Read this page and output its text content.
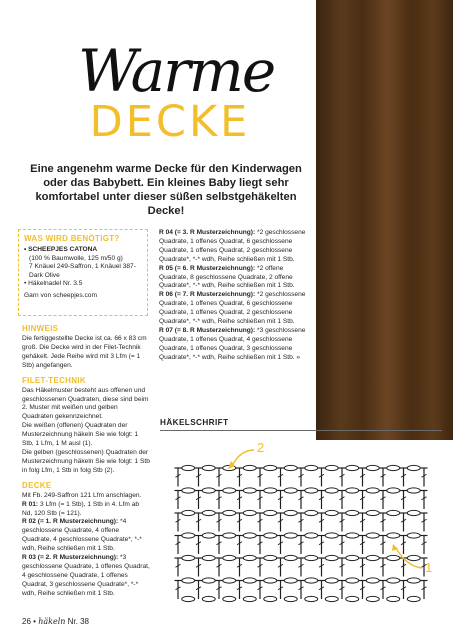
Warme
DECKE
Eine angenehm warme Decke für den Kinderwagen oder das Babybett. Ein kleines Baby liegt sehr komfortabel unter dieser süßen selbstgehäkelten Decke!
WAS WIRD BENÖTIGT?

• SCHEEPJES CATONA

(100 % Baumwolle, 125 m/50 g)

7 Knäuel 249-Saffron, 1 Knäuel 387-Dark Olive

• Häkelnadel Nr. 3.5

Garn von scheepjes.com

HINWEIS

Die fertiggestellte Decke ist ca. 66 x 83 cm groß. Die Decke wird in der Filet-Technik gehäkelt. Jede Reihe wird mit 3 Lfm (= 1 Stb) angefangen.

FILET-TECHNIK

Das Häkelmuster besteht aus offenen und geschlossenen Quadraten, diese sind beim 2. Muster mit weißen und gelben Quadraten gekennzeichnet.

Die weißen (offenen) Quadraten der Musterzeichnung häkeln Sie wie folgt: 1 Stb, 1 Lfm, 1 M ausl (1).

Die gelben (geschlossenen) Quadraten der Musterzeichnung häkeln Sie wie folgt: 1 Stb in folg Lfm, 1 Stb in folg Stb (2).

DECKE

Mit Fb. 249-Saffron 121 Lfm anschlagen.

R 01: 3 Lfm (= 1 Stb), 1 Stb in 4. Lfm ab Nd, 120 Stb (= 121).

R 02 (= 1. R Musterzeichnung): *4 geschlossene Quadrate, 4 offene Quadrate, 4 geschlossene Quadrate*, *-* wdh, Reihe schließen mit 1 Stb.

R 03 (= 2. R Musterzeichnung): *3 geschlossene Quadrate, 1 offenes Quadrat, 4 geschlossene Quadrate, 1 offenes Quadrat, 3 geschlossene Quadrate*, *-* wdh, Reihe schließen mit 1 Stb.

R 04 (= 3. R Musterzeichnung): *2 geschlossene Quadrate, 1 offenes Quadrat, 6 geschlossene Quadrate, 1 offenes Quadrat, 2 geschlossene Quadrate*, *-* wdh, Reihe schließen mit 1 Stb.

R 05 (= 6. R Musterzeichnung): *2 offene Quadrate, 8 geschlossene Quadrate, 2 offene Quadrate*, *-* wdh, Reihe schließen mit 1 Stb.

R 06 (= 7. R Musterzeichnung): *2 geschlossene Quadrate, 1 offenes Quadrat, 6 geschlossene Quadrate, 1 offenes Quadrat, 2 geschlossene Quadrate*, *-* wdh, Reihe schließen mit 1 Stb.

R 07 (= 8. R Musterzeichnung): *3 geschlossene Quadrate, 1 offenes Quadrat, 4 geschlossene Quadrate, 1 offenes Quadrat, 3 geschlossene Quadrate*, *-* wdh, Reihe schließen mit 1 Stb. »

HÄKELSCHRIFT
2
1
26 • häkeln Nr. 38
